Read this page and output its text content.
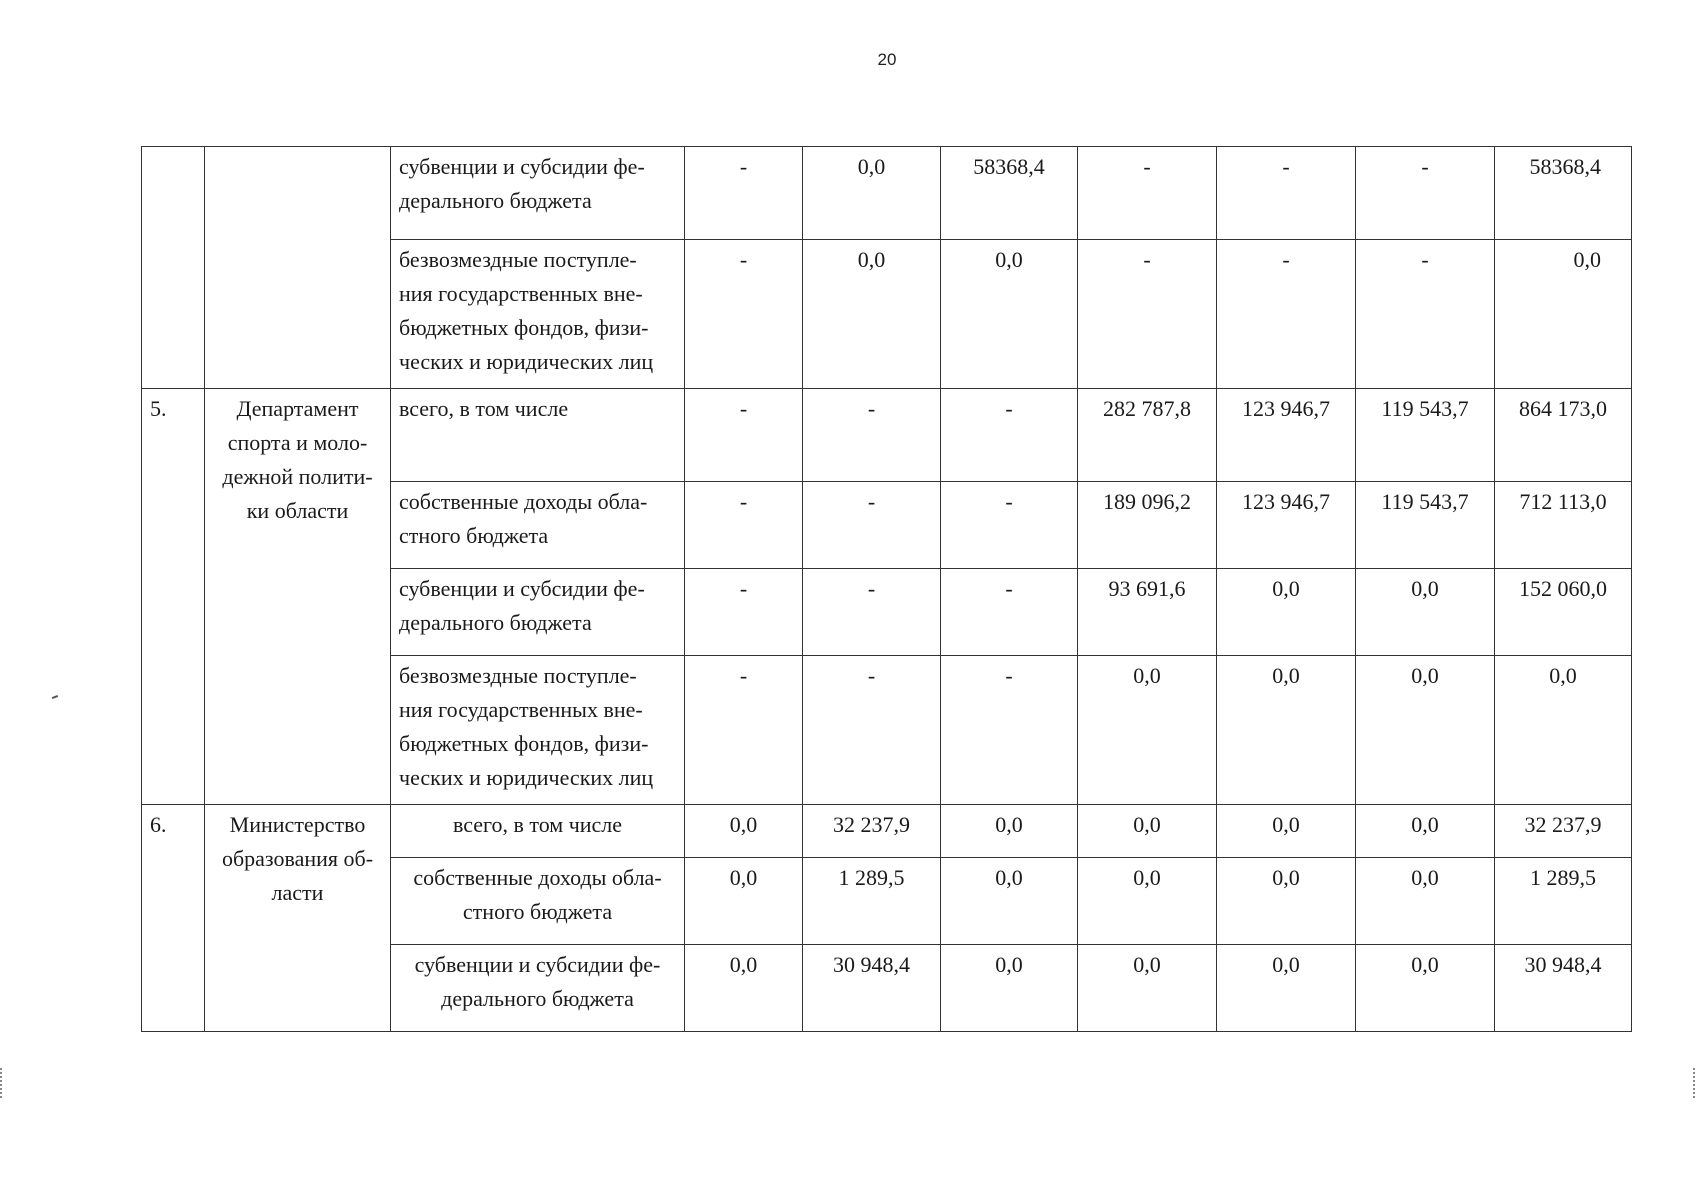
20
		субвенции и субсидии фе-
дерального бюджета	-	0,0	58368,4	-	-	-	58368,4
		безвозмездные поступле-
ния государственных вне-
бюджетных фондов, физи-
ческих и юридических лиц	-	0,0	0,0	-	-	-	0,0
5.	Департамент
спорта и моло-
дежной полити-
ки области	всего, в том числе	-	-	-	282 787,8	123 946,7	119 543,7	864 173,0
		собственные доходы обла-
стного бюджета	-	-	-	189 096,2	123 946,7	119 543,7	712 113,0
		субвенции и субсидии фе-
дерального бюджета	-	-	-	93 691,6	0,0	0,0	152 060,0
		безвозмездные поступле-
ния государственных вне-
бюджетных фондов, физи-
ческих и юридических лиц	-	-	-	0,0	0,0	0,0	0,0
6.	Министерство
образования об-
ласти	всего, в том числе	0,0	32 237,9	0,0	0,0	0,0	0,0	32 237,9
		собственные доходы обла-
стного бюджета	0,0	1 289,5	0,0	0,0	0,0	0,0	1 289,5
		субвенции и субсидии фе-
дерального бюджета	0,0	30 948,4	0,0	0,0	0,0	0,0	30 948,4
